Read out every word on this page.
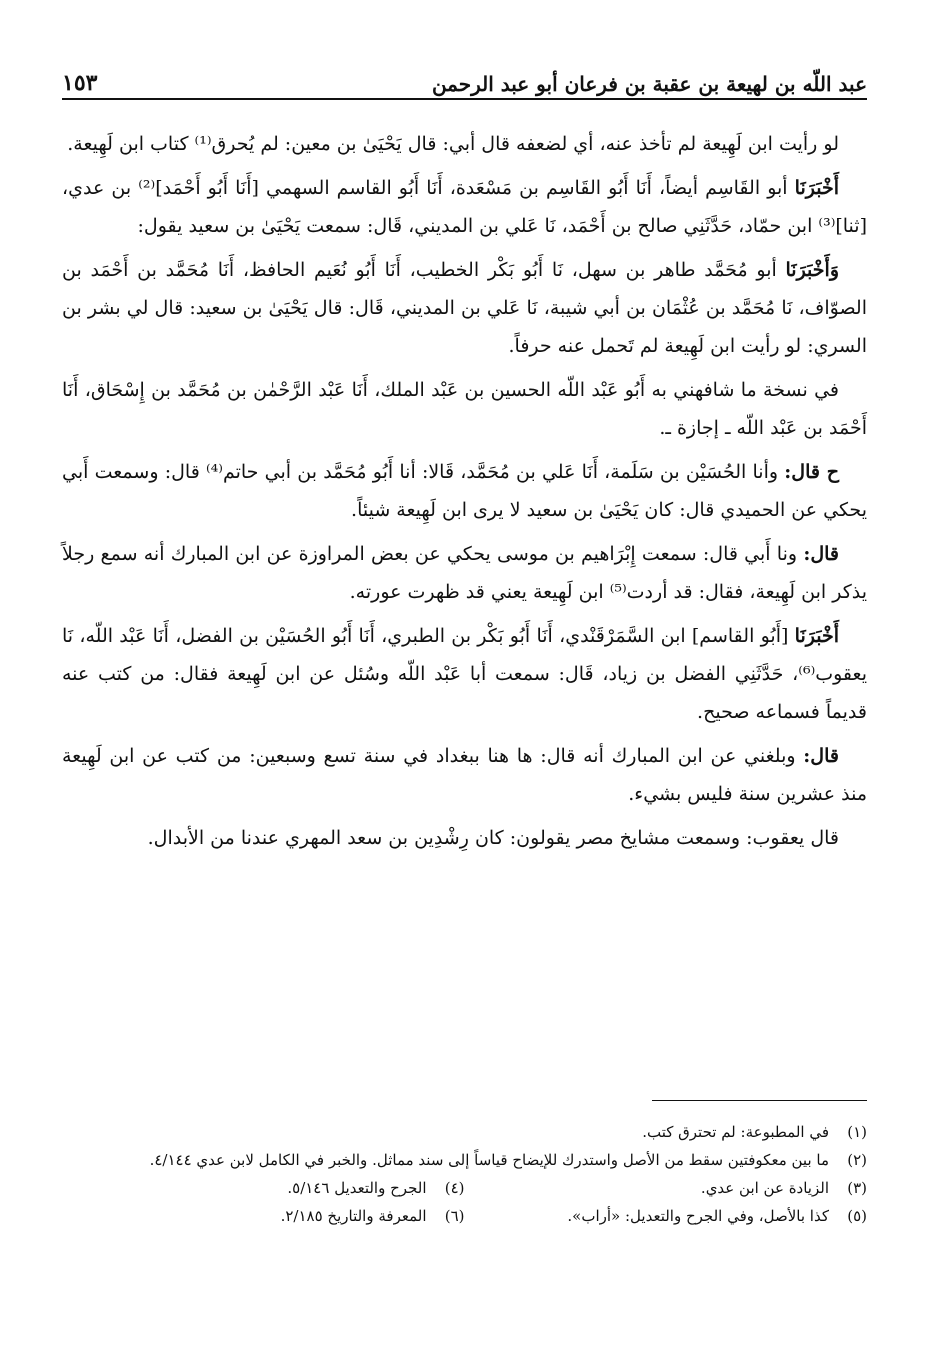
عبد اللّه بن لهيعة بن عقبة بن فرعان أبو عبد الرحمن
١٥٣

لو رأيت ابن لَهِيعة لم تأخذ عنه، أي لضعفه قال أبي: قال يَحْيَىٰ بن معين: لم يُحرق⁽¹⁾ كتاب ابن لَهِيعة.

أَخْبَرَنَا أبو القَاسِم أيضاً، أَنَا أَبُو القَاسِم بن مَسْعَدة، أَنَا أَبُو القاسم السهمي [أَنَا أَبُو أَحْمَد]⁽²⁾ بن عدي، [ثنا]⁽³⁾ ابن حمّاد، حَدَّثَنِي صالح بن أَحْمَد، نَا عَلي بن المديني، قَال: سمعت يَحْيَىٰ بن سعيد يقول:

وَأَخْبَرَنَا أبو مُحَمَّد طاهر بن سهل، نَا أَبُو بَكْر الخطيب، أَنَا أَبُو نُعَيم الحافظ، أَنَا مُحَمَّد بن أَحْمَد بن الصوّاف، نَا مُحَمَّد بن عُثْمَان بن أبي شيبة، نَا عَلي بن المديني، قَال: قال يَحْيَىٰ بن سعيد: قال لي بشر بن السري: لو رأيت ابن لَهِيعة لم تَحمل عنه حرفاً.

في نسخة ما شافهني به أَبُو عَبْد اللّه الحسين بن عَبْد الملك، أَنَا عَبْد الرَّحْمٰن بن مُحَمَّد بن إِسْحَاق، أَنَا أَحْمَد بن عَبْد اللّه ـ إجازة ـ.

ح قال: وأنا الحُسَيْن بن سَلَمة، أَنَا عَلي بن مُحَمَّد، قَالا: أنا أَبُو مُحَمَّد بن أبي حاتم⁽⁴⁾ قال: وسمعت أَبي يحكي عن الحميدي قال: كان يَحْيَىٰ بن سعيد لا يرى ابن لَهِيعة شيئاً.

قال: ونا أَبي قال: سمعت إِبْرَاهيم بن موسى يحكي عن بعض المراوزة عن ابن المبارك أنه سمع رجلاً يذكر ابن لَهِيعة، فقال: قد أردت⁽⁵⁾ ابن لَهِيعة يعني قد ظهرت عورته.

أَخْبَرَنَا [أَبُو القاسم] ابن السَّمَرْقَنْدي، أَنَا أَبُو بَكْر بن الطبري، أَنَا أَبُو الحُسَيْن بن الفضل، أَنَا عَبْد اللّه، نَا يعقوب⁽⁶⁾، حَدَّثَنِي الفضل بن زياد، قَال: سمعت أبا عَبْد اللّه وسُئل عن ابن لَهِيعة فقال: من كتب عنه قديماً فسماعه صحيح.

قال: وبلغني عن ابن المبارك أنه قال: ها هنا ببغداد في سنة تسع وسبعين: من كتب عن ابن لَهِيعة منذ عشرين سنة فليس بشيء.

قال يعقوب: وسمعت مشايخ مصر يقولون: كان رِشْدِين بن سعد المهري عندنا من الأبدال.

(١)
في المطبوعة: لم تحترق كتب.
(٢)
ما بين معكوفتين سقط من الأصل واستدرك للإيضاح قياساً إلى سند مماثل. والخبر في الكامل لابن عدي ٤/١٤٤.
(٣)
الزيادة عن ابن عدي.
(٤)
الجرح والتعديل ٥/١٤٦.
(٥)
كذا بالأصل، وفي الجرح والتعديل: «أراب».
(٦)
المعرفة والتاريخ ٢/١٨٥.
